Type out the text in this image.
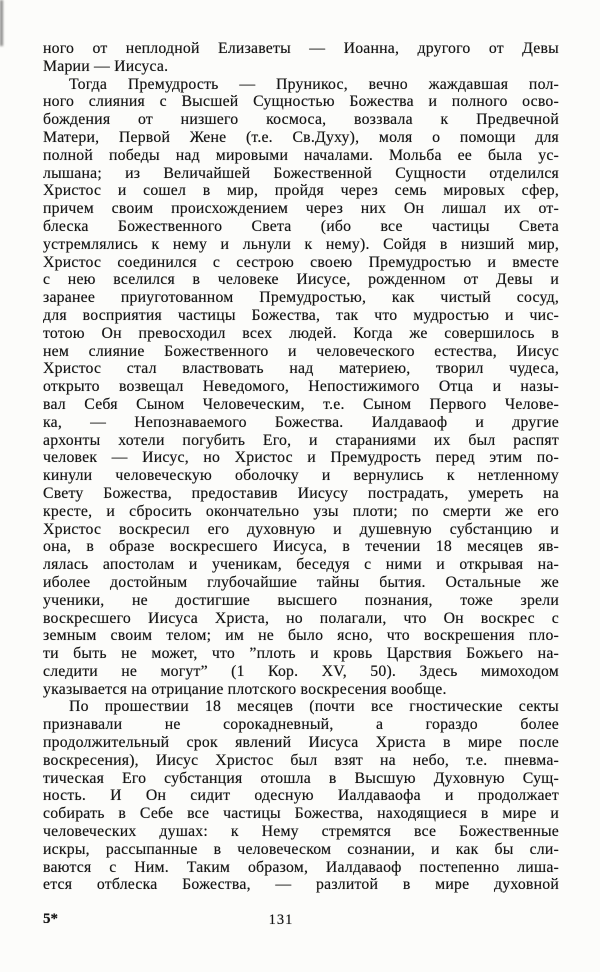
ного от неплодной Елизаветы — Иоанна, другого от Девы
Марии — Иисуса.
Тогда Премудрость — Пруникос, вечно жаждавшая пол-
ного слияния с Высшей Сущностью Божества и полного осво-
бождения от низшего космоса, воззвала к Предвечной
Матери, Первой Жене (т.е. Св.Духу), моля о помощи для
полной победы над мировыми началами. Мольба ее была ус-
лышана; из Величайшей Божественной Сущности отделился
Христос и сошел в мир, пройдя через семь мировых сфер,
причем своим происхождением через них Он лишал их от-
блеска Божественного Света (ибо все частицы Света
устремлялись к нему и льнули к нему). Сойдя в низший мир,
Христос соединился с сестрою своею Премудростью и вместе
с нею вселился в человеке Иисусе, рожденном от Девы и
заранее приуготованном Премудростью, как чистый сосуд,
для восприятия частицы Божества, так что мудростью и чис-
тотою Он превосходил всех людей. Когда же совершилось в
нем слияние Божественного и человеческого естества, Иисус
Христос стал властвовать над материею, творил чудеса,
открыто возвещал Неведомого, Непостижимого Отца и назы-
вал Себя Сыном Человеческим, т.е. Сыном Первого Челове-
ка, — Непознаваемого Божества. Иалдаваоф и другие
архонты хотели погубить Его, и стараниями их был распят
человек — Иисус, но Христос и Премудрость перед этим по-
кинули человеческую оболочку и вернулись к нетленному
Свету Божества, предоставив Иисусу пострадать, умереть на
кресте, и сбросить окончательно узы плоти; по смерти же его
Христос воскресил его духовную и душевную субстанцию и
она, в образе воскресшего Иисуса, в течении 18 месяцев яв-
лялась апостолам и ученикам, беседуя с ними и открывая на-
иболее достойным глубочайшие тайны бытия. Остальные же
ученики, не достигшие высшего познания, тоже зрели
воскресшего Иисуса Христа, но полагали, что Он воскрес с
земным своим телом; им не было ясно, что воскрешения пло-
ти быть не может, что ”плоть и кровь Царствия Божьего на-
следити не могут” (1 Кор. XV, 50). Здесь мимоходом
указывается на отрицание плотского воскресения вообще.
По прошествии 18 месяцев (почти все гностические секты
признавали не сорокадневный, а гораздо более
продолжительный срок явлений Иисуса Христа в мире после
воскресения), Иисус Христос был взят на небо, т.е. пневма-
тическая Его субстанция отошла в Высшую Духовную Сущ-
ность. И Он сидит одесную Иалдаваофа и продолжает
собирать в Себе все частицы Божества, находящиеся в мире и
человеческих душах: к Нему стремятся все Божественные
искры, рассыпанные в человеческом сознании, и как бы сли-
ваются с Ним. Таким образом, Иалдаваоф постепенно лиша-
ется отблеска Божества, — разлитой в мире духовной
5*	131
